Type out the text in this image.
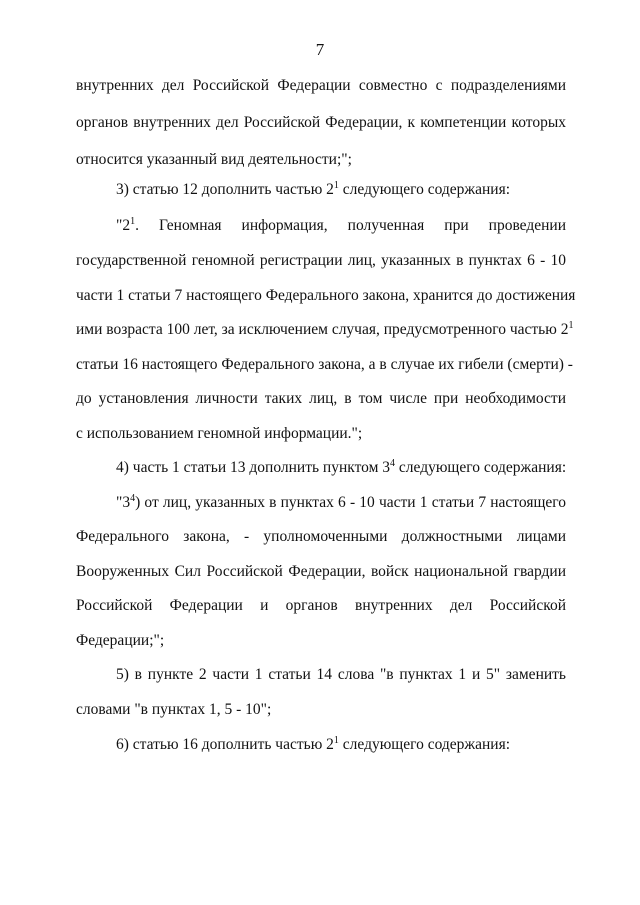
7
внутренних дел Российской Федерации совместно с подразделениями
органов внутренних дел Российской Федерации, к компетенции которых
относится указанный вид деятельности;";
3) статью 12 дополнить частью $2^1$ следующего содержания:
"$2^1$. Геномная информация, полученная при проведении
государственной геномной регистрации лиц, указанных в пунктах 6 - 10
части 1 статьи 7 настоящего Федерального закона, хранится до достижения
ими возраста 100 лет, за исключением случая, предусмотренного частью $2^1$
статьи 16 настоящего Федерального закона, а в случае их гибели (смерти) -
до установления личности таких лиц, в том числе при необходимости
с использованием геномной информации.";
4) часть 1 статьи 13 дополнить пунктом $3^4$ следующего содержания:
"$3^4$) от лиц, указанных в пунктах 6 - 10 части 1 статьи 7 настоящего
Федерального закона, - уполномоченными должностными лицами
Вооруженных Сил Российской Федерации, войск национальной гвардии
Российской Федерации и органов внутренних дел Российской
Федерации;";
5) в пункте 2 части 1 статьи 14 слова "в пунктах 1 и 5" заменить
словами "в пунктах 1, 5 - 10";
6) статью 16 дополнить частью $2^1$ следующего содержания:
